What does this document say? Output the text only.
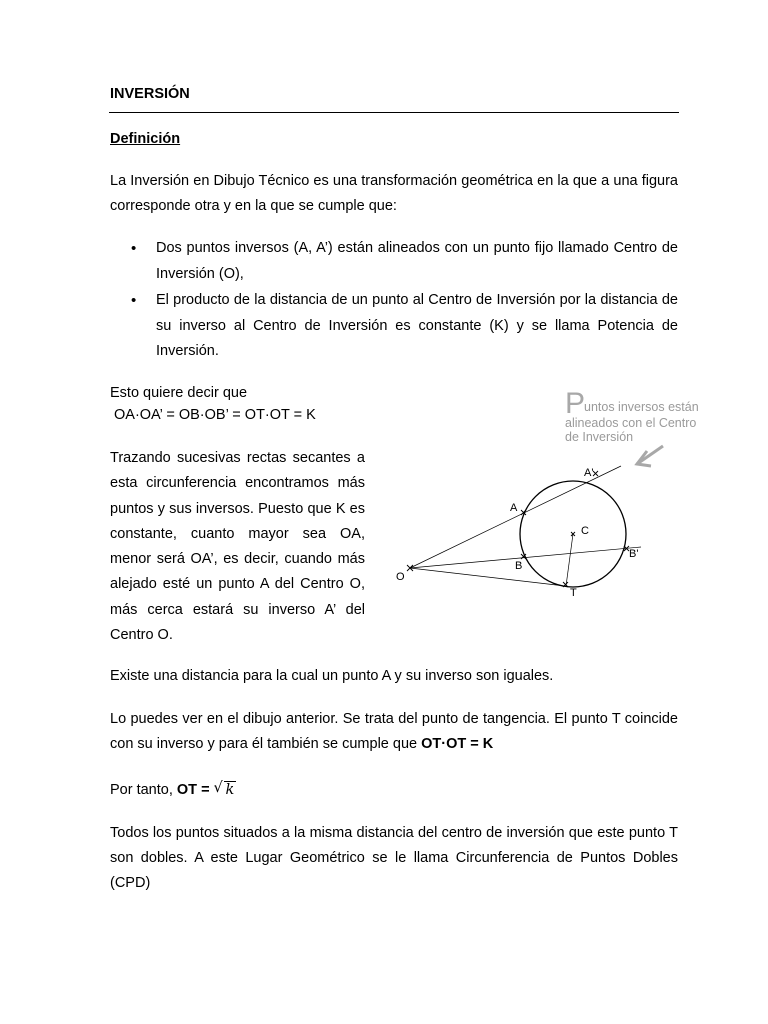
INVERSIÓN
Definición

La Inversión en Dibujo Técnico es una transformación geométrica en la que a una figura corresponde otra y en la que se cumple que:

• Dos puntos inversos (A, A’) están alineados con un punto fijo llamado Centro de Inversión (O),
• El producto de la distancia de un punto al Centro de Inversión por la distancia de su inverso al Centro de Inversión es constante (K) y se llama Potencia de Inversión.

Esto quiere decir que

OA·OA’ = OB·OB’ = OT·OT = K

Trazando sucesivas rectas secantes a esta circunferencia encontramos más puntos y sus inversos. Puesto que K es constante, cuanto mayor sea OA, menor será OA’, es decir, cuando más alejado esté un punto A del Centro O, más cerca estará su inverso A’ del Centro O.

P
untos inversos están
alineados con el Centro
de Inversión
O
A
A'
B
B'
C
T

Existe una distancia para la cual un punto A y su inverso son iguales.

Lo puedes ver en el dibujo anterior. Se trata del punto de tangencia. El punto T coincide con su inverso y para él también se cumple que OT·OT = K

Por tanto, OT = √ k

Todos los puntos situados a la misma distancia del centro de inversión que este punto T son dobles. A este Lugar Geométrico se le llama Circunferencia de Puntos Dobles (CPD)
